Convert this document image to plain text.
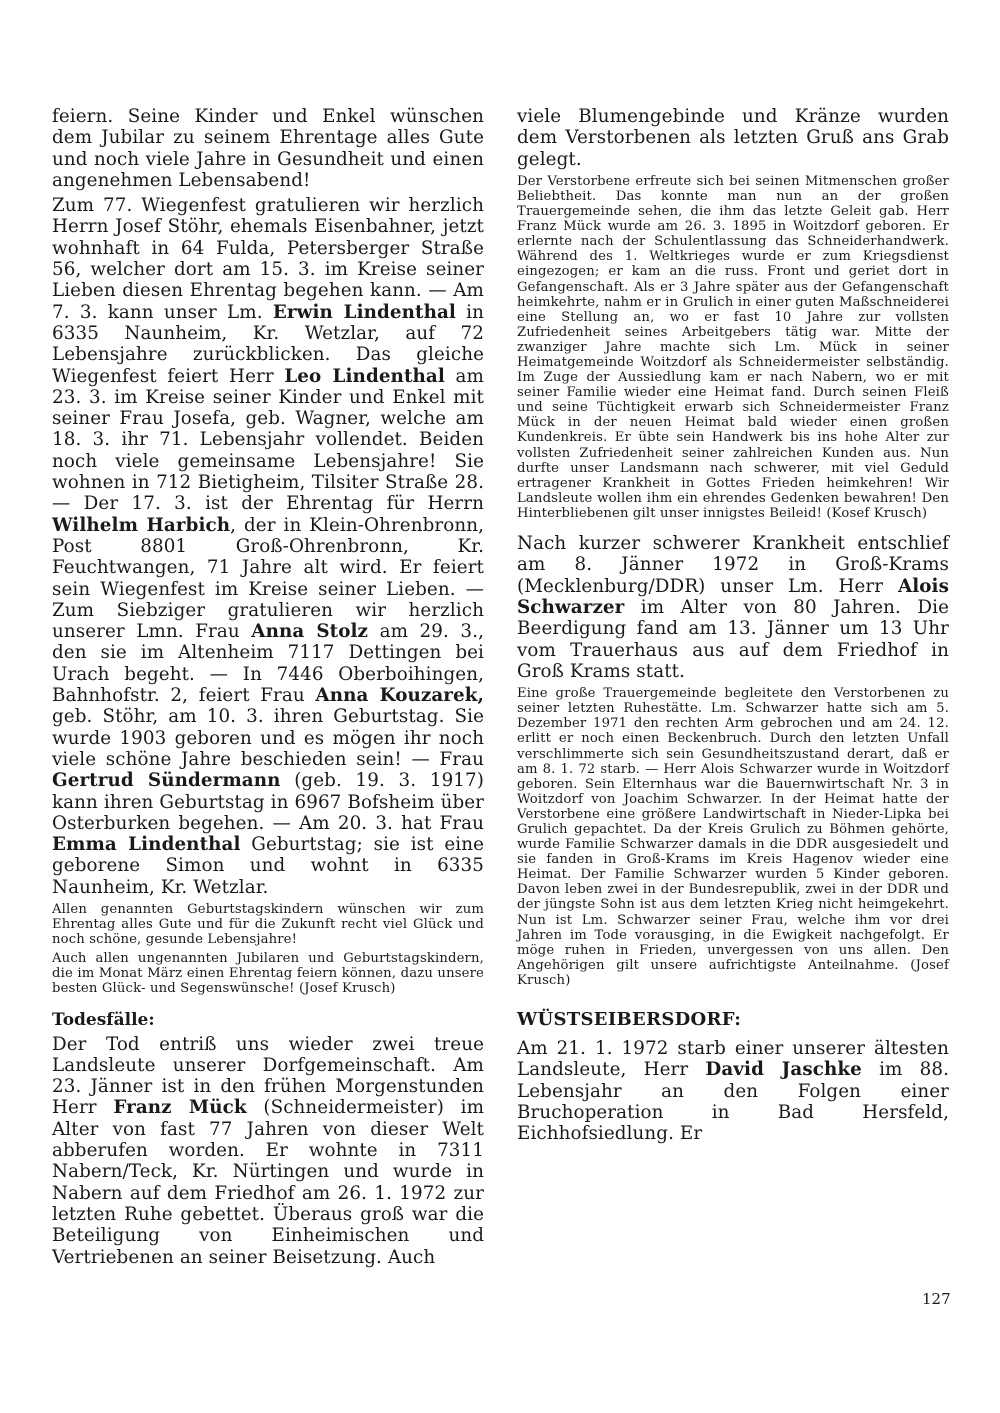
feiern. Seine Kinder und Enkel wünschen dem Jubilar zu seinem Ehrentage alles Gute und noch viele Jahre in Gesundheit und einen angenehmen Lebensabend!

Zum 77. Wiegenfest gratulieren wir herzlich Herrn Josef Stöhr, ehemals Eisenbahner, jetzt wohnhaft in 64 Fulda, Petersberger Straße 56, welcher dort am 15. 3. im Kreise seiner Lieben diesen Ehrentag begehen kann. — Am 7. 3. kann unser Lm. Erwin Lindenthal in 6335 Naunheim, Kr. Wetzlar, auf 72 Lebensjahre zurückblicken. Das gleiche Wiegenfest feiert Herr Leo Lindenthal am 23. 3. im Kreise seiner Kinder und Enkel mit seiner Frau Josefa, geb. Wagner, welche am 18. 3. ihr 71. Lebensjahr vollendet. Beiden noch viele gemeinsame Lebensjahre! Sie wohnen in 712 Bietigheim, Tilsiter Straße 28. — Der 17. 3. ist der Ehrentag für Herrn Wilhelm Harbich, der in Klein-Ohrenbronn, Post 8801 Groß-Ohrenbronn, Kr. Feuchtwangen, 71 Jahre alt wird. Er feiert sein Wiegenfest im Kreise seiner Lieben. — Zum Siebziger gratulieren wir herzlich unserer Lmn. Frau Anna Stolz am 29. 3., den sie im Altenheim 7117 Dettingen bei Urach begeht. — In 7446 Oberboihingen, Bahnhofstr. 2, feiert Frau Anna Kouzarek, geb. Stöhr, am 10. 3. ihren Geburtstag. Sie wurde 1903 geboren und es mögen ihr noch viele schöne Jahre beschieden sein! — Frau Gertrud Sündermann (geb. 19. 3. 1917) kann ihren Geburtstag in 6967 Bofsheim über Osterburken begehen. — Am 20. 3. hat Frau Emma Lindenthal Geburtstag; sie ist eine geborene Simon und wohnt in 6335 Naunheim, Kr. Wetzlar.

Allen genannten Geburtstagskindern wünschen wir zum Ehrentag alles Gute und für die Zukunft recht viel Glück und noch schöne, gesunde Lebensjahre!

Auch allen ungenannten Jubilaren und Geburtstagskindern, die im Monat März einen Ehrentag feiern können, dazu unsere besten Glück- und Segenswünsche! (Josef Krusch)

Todesfälle:

Der Tod entriß uns wieder zwei treue Landsleute unserer Dorfgemeinschaft. Am 23. Jänner ist in den frühen Morgenstunden Herr Franz Mück (Schneidermeister) im Alter von fast 77 Jahren von dieser Welt abberufen worden. Er wohnte in 7311 Nabern/Teck, Kr. Nürtingen und wurde in Nabern auf dem Friedhof am 26. 1. 1972 zur letzten Ruhe gebettet. Überaus groß war die Beteiligung von Einheimischen und Vertriebenen an seiner Beisetzung. Auch

viele Blumengebinde und Kränze wurden dem Verstorbenen als letzten Gruß ans Grab gelegt.

Der Verstorbene erfreute sich bei seinen Mitmenschen großer Beliebtheit. Das konnte man nun an der großen Trauergemeinde sehen, die ihm das letzte Geleit gab. Herr Franz Mück wurde am 26. 3. 1895 in Woitzdorf geboren. Er erlernte nach der Schulentlassung das Schneiderhandwerk. Während des 1. Weltkrieges wurde er zum Kriegsdienst eingezogen; er kam an die russ. Front und geriet dort in Gefangenschaft. Als er 3 Jahre später aus der Gefangenschaft heimkehrte, nahm er in Grulich in einer guten Maßschneiderei eine Stellung an, wo er fast 10 Jahre zur vollsten Zufriedenheit seines Arbeitgebers tätig war. Mitte der zwanziger Jahre machte sich Lm. Mück in seiner Heimatgemeinde Woitzdorf als Schneidermeister selbständig. Im Zuge der Aussiedlung kam er nach Nabern, wo er mit seiner Familie wieder eine Heimat fand. Durch seinen Fleiß und seine Tüchtigkeit erwarb sich Schneidermeister Franz Mück in der neuen Heimat bald wieder einen großen Kundenkreis. Er übte sein Handwerk bis ins hohe Alter zur vollsten Zufriedenheit seiner zahlreichen Kunden aus. Nun durfte unser Landsmann nach schwerer, mit viel Geduld ertragener Krankheit in Gottes Frieden heimkehren! Wir Landsleute wollen ihm ein ehrendes Gedenken bewahren! Den Hinterbliebenen gilt unser innigstes Beileid! (Kosef Krusch)

Nach kurzer schwerer Krankheit entschlief am 8. Jänner 1972 in Groß-Krams (Mecklenburg/DDR) unser Lm. Herr Alois Schwarzer im Alter von 80 Jahren. Die Beerdigung fand am 13. Jänner um 13 Uhr vom Trauerhaus aus auf dem Friedhof in Groß Krams statt.

Eine große Trauergemeinde begleitete den Verstorbenen zu seiner letzten Ruhestätte. Lm. Schwarzer hatte sich am 5. Dezember 1971 den rechten Arm gebrochen und am 24. 12. erlitt er noch einen Beckenbruch. Durch den letzten Unfall verschlimmerte sich sein Gesundheitszustand derart, daß er am 8. 1. 72 starb. — Herr Alois Schwarzer wurde in Woitzdorf geboren. Sein Elternhaus war die Bauernwirtschaft Nr. 3 in Woitzdorf von Joachim Schwarzer. In der Heimat hatte der Verstorbene eine größere Landwirtschaft in Nieder-Lipka bei Grulich gepachtet. Da der Kreis Grulich zu Böhmen gehörte, wurde Familie Schwarzer damals in die DDR ausgesiedelt und sie fanden in Groß-Krams im Kreis Hagenov wieder eine Heimat. Der Familie Schwarzer wurden 5 Kinder geboren. Davon leben zwei in der Bundesrepublik, zwei in der DDR und der jüngste Sohn ist aus dem letzten Krieg nicht heimgekehrt. Nun ist Lm. Schwarzer seiner Frau, welche ihm vor drei Jahren im Tode vorausging, in die Ewigkeit nachgefolgt. Er möge ruhen in Frieden, unvergessen von uns allen. Den Angehörigen gilt unsere aufrichtigste Anteilnahme. (Josef Krusch)

WÜSTSEIBERSDORF:

Am 21. 1. 1972 starb einer unserer ältesten Landsleute, Herr David Jaschke im 88. Lebensjahr an den Folgen einer Bruchoperation in Bad Hersfeld, Eichhofsiedlung. Er

127
